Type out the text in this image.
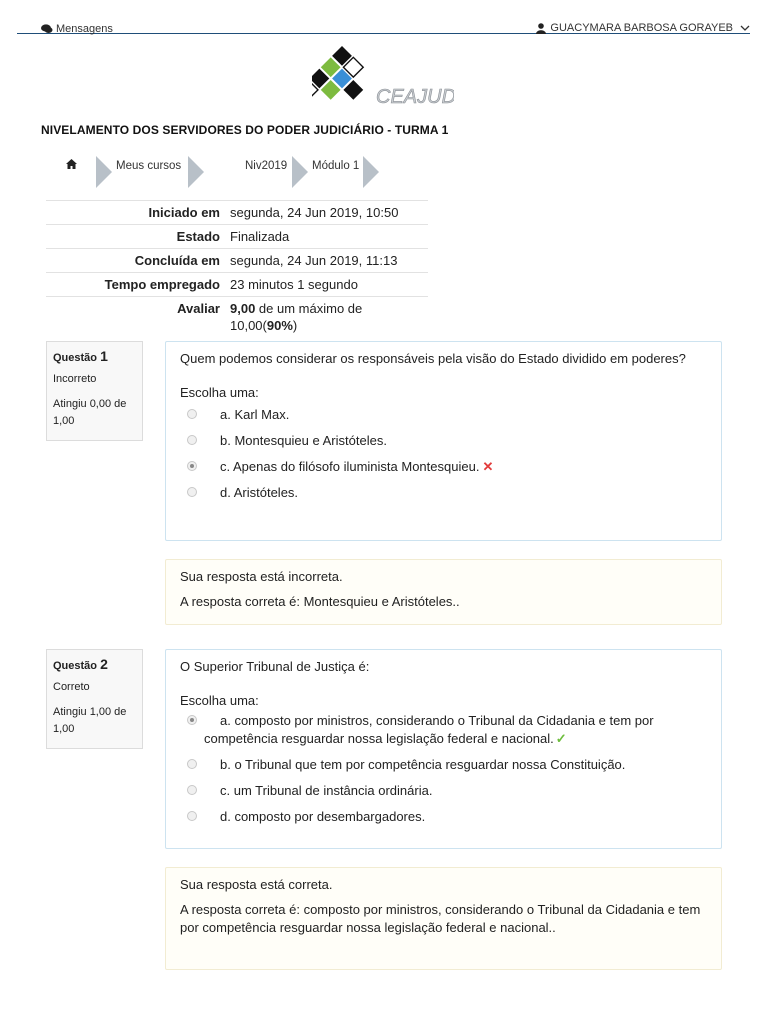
Mensagens	GUACYMARA BARBOSA GORAYEB
CEAJUD
NIVELAMENTO DOS SERVIDORES DO PODER JUDICIÁRIO - TURMA 1
Meus cursos	Niv2019 Módulo 1
Iniciado em	segunda, 24 Jun 2019, 10:50
Estado	Finalizada
Concluída em	segunda, 24 Jun 2019, 11:13
Tempo empregado	23 minutos 1 segundo
Avaliar	9,00 de um máximo de 10,00(90%)
Questão 1
Incorreto
Atingiu 0,00 de 1,00
Quem podemos considerar os responsáveis pela visão do Estado dividido em poderes?
Escolha uma:
a. Karl Max.
b. Montesquieu e Aristóteles.
c. Apenas do filósofo iluminista Montesquieu. ✕
d. Aristóteles.
Sua resposta está incorreta.
A resposta correta é: Montesquieu e Aristóteles..
Questão 2
Correto
Atingiu 1,00 de 1,00
O Superior Tribunal de Justiça é:
Escolha uma:
a. composto por ministros, considerando o Tribunal da Cidadania e tem por competência resguardar nossa legislação federal e nacional. ✓
b. o Tribunal que tem por competência resguardar nossa Constituição.
c. um Tribunal de instância ordinária.
d. composto por desembargadores.
Sua resposta está correta.
A resposta correta é: composto por ministros, considerando o Tribunal da Cidadania e tem por competência resguardar nossa legislação federal e nacional..
